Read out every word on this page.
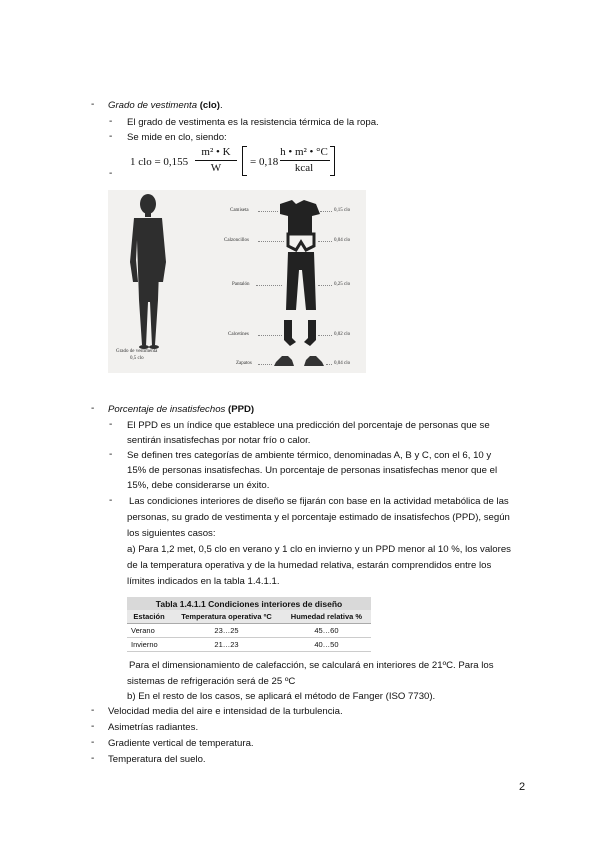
- Grado de vestimenta (clo).
- El grado de vestimenta es la resistencia térmica de la ropa.
- Se mide en clo, siendo:
1 clo = 0,155
m² • K
W	= 0,18
h • m² • °C
kcal
-
Grado de vestimenta
0,5 clo
Camiseta	0,15 clo
Calzoncillos	0,04 clo
Pantalón	0,25 clo
Calcetines	0,02 clo
Zapatos	0,04 clo
- Porcentaje de insatisfechos (PPD)
- El PPD es un índice que establece una predicción del porcentaje de personas que se
sentirán insatisfechas por notar frío o calor.
- Se definen tres categorías de ambiente térmico, denominadas A, B y C, con el 6, 10 y
15% de personas insatisfechas. Un porcentaje de personas insatisfechas menor que el
15%, debe considerarse un éxito.
- Las condiciones interiores de diseño se fijarán con base en la actividad metabólica de las
personas, su grado de vestimenta y el porcentaje estimado de insatisfechos (PPD), según
los siguientes casos:
a) Para 1,2 met, 0,5 clo en verano y 1 clo en invierno y un PPD menor al 10 %, los valores
de la temperatura operativa y de la humedad relativa, estarán comprendidos entre los
límites indicados en la tabla 1.4.1.1.
Tabla 1.4.1.1 Condiciones interiores de diseño		
Estación	Temperatura operativa ºC	Humedad relativa %
Verano	23…25	45…60
Invierno	21…23	40…50
Para el dimensionamiento de calefacción, se calculará en interiores de 21ºC. Para los
sistemas de refrigeración será de 25 ºC
b) En el resto de los casos, se aplicará el método de Fanger (ISO 7730).
- Velocidad media del aire e intensidad de la turbulencia.
- Asimetrías radiantes.
- Gradiente vertical de temperatura.
- Temperatura del suelo.
2
